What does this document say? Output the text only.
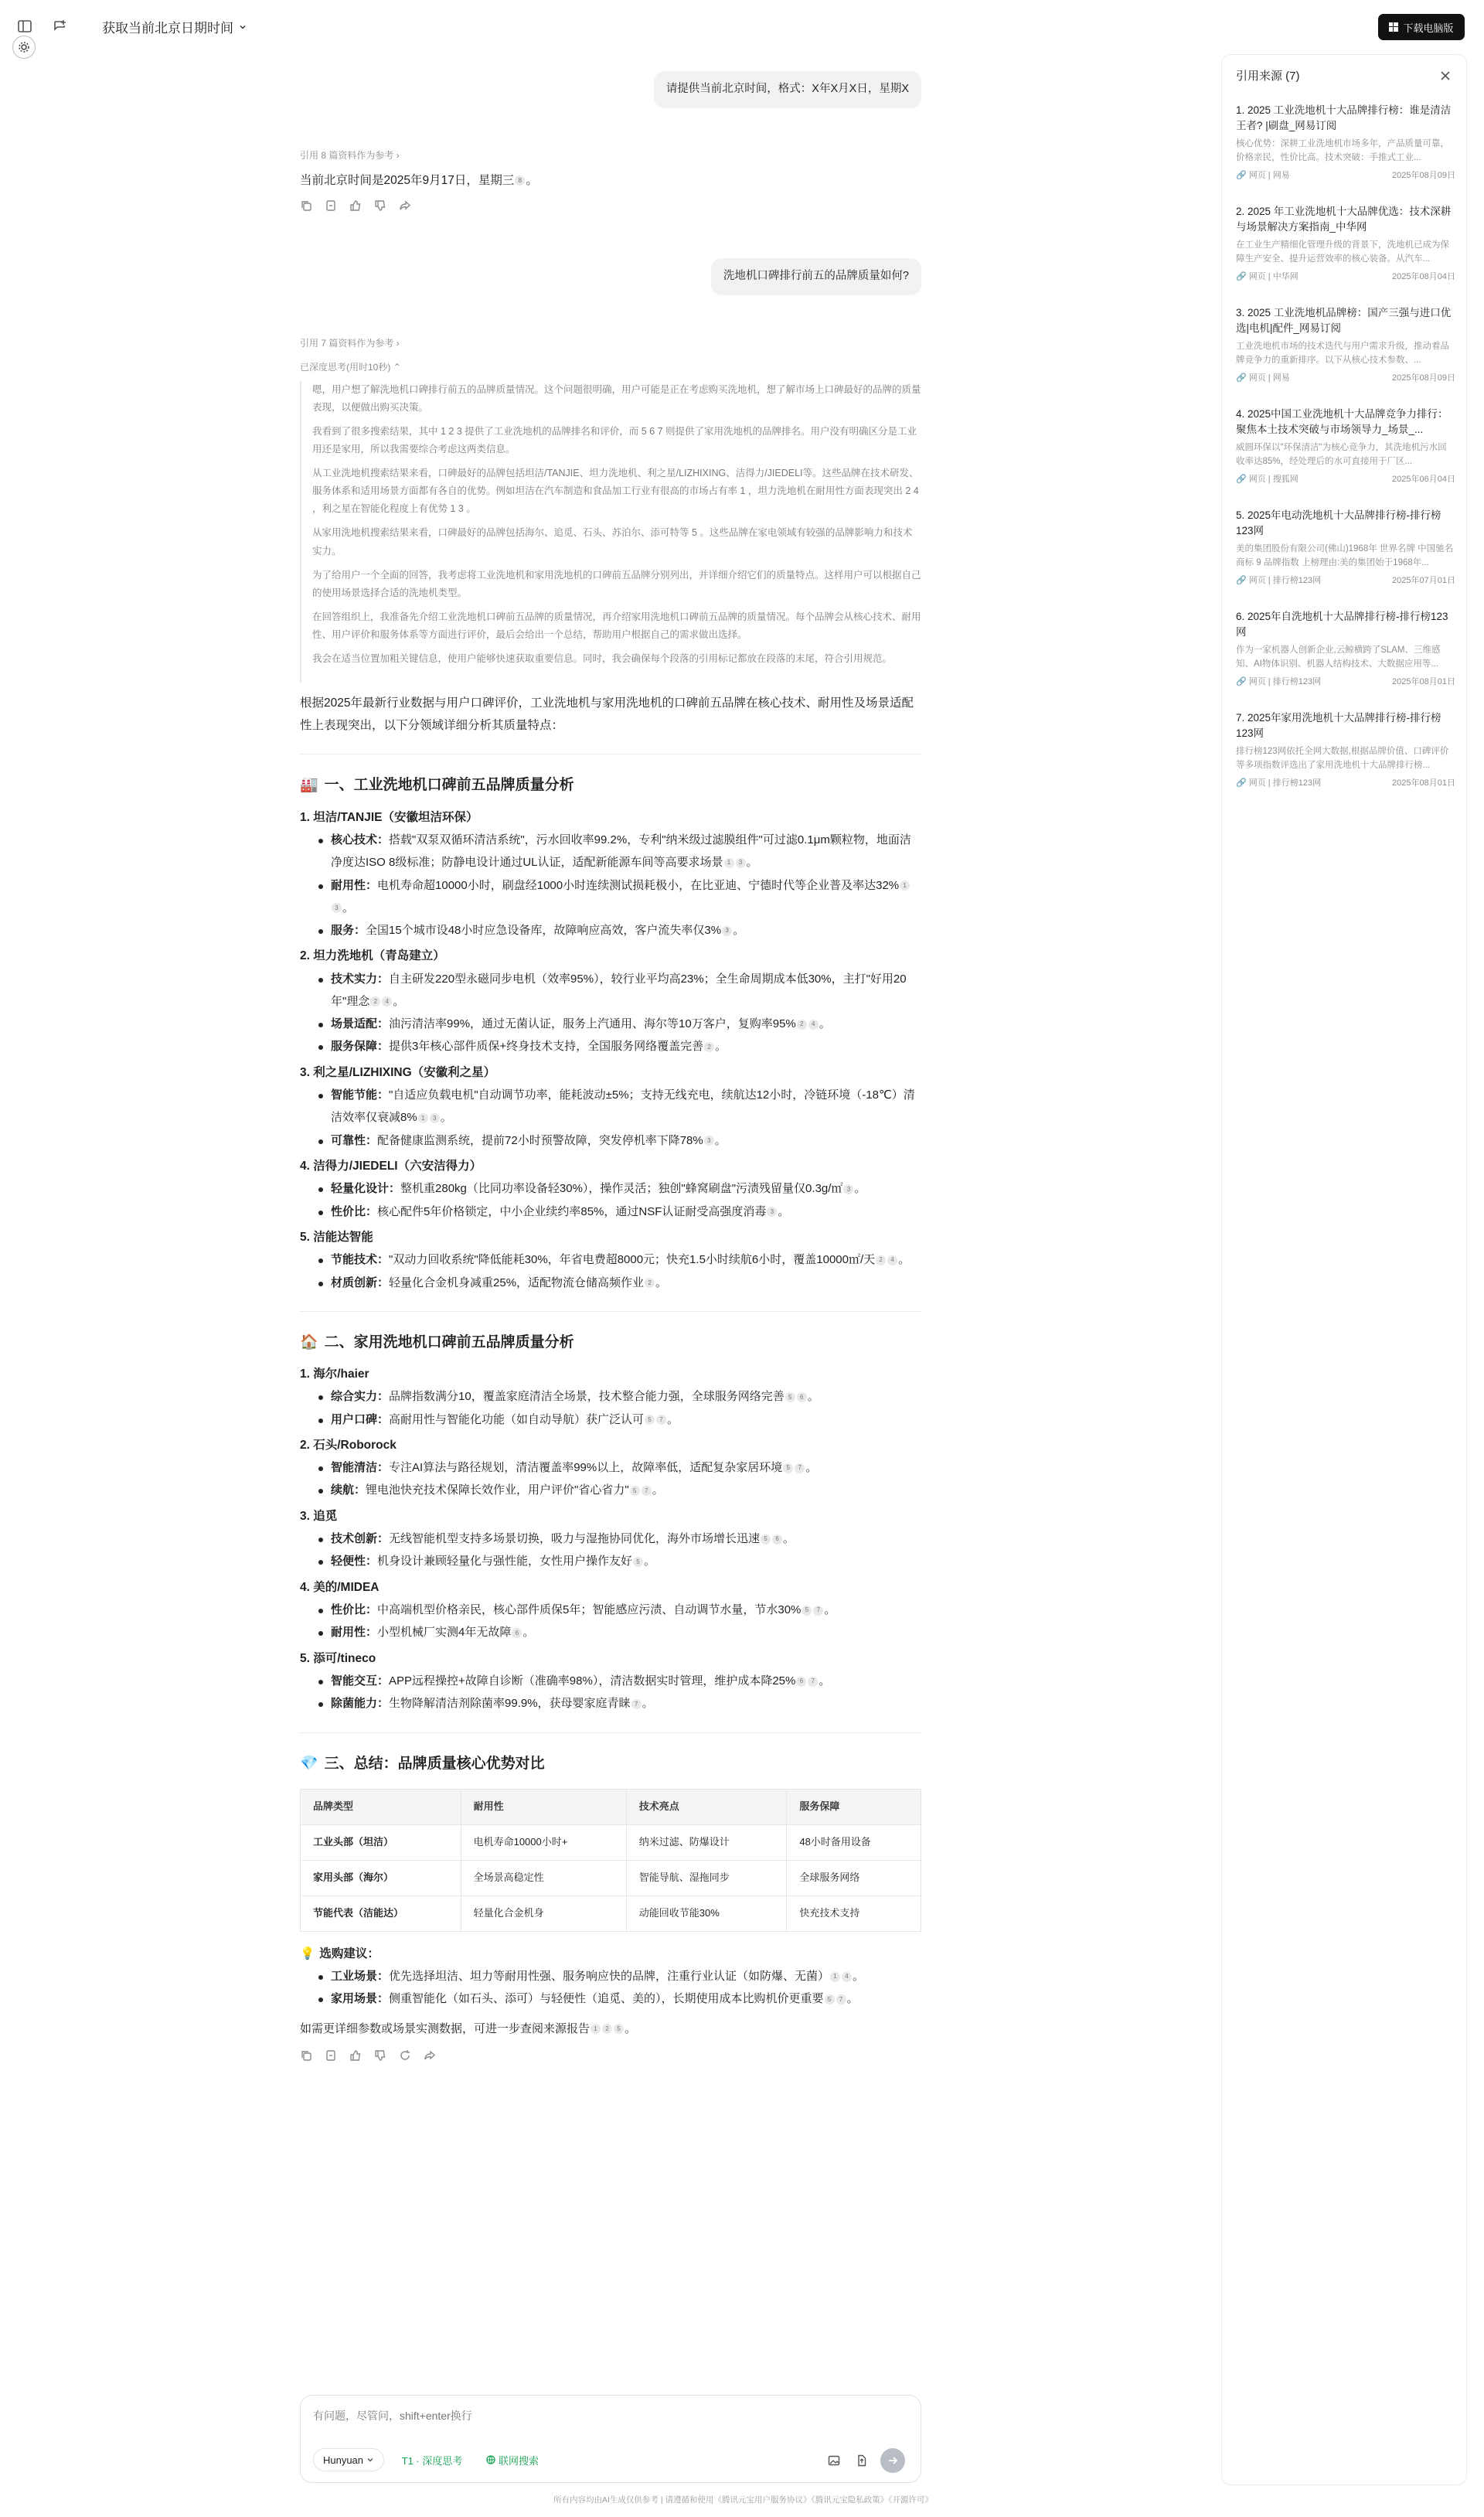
获取当前北京日期时间	下载电脑版
请提供当前北京时间，格式：X年X月X日，星期X
引用 8 篇资料作为参考 ›
当前北京时间是2025年9月17日，星期三 8 。
洗地机口碑排行前五的品牌质量如何?
引用 7 篇资料作为参考 ›
已深度思考(用时10秒) ⌃

嗯，用户想了解洗地机口碑排行前五的品牌质量情况。这个问题很明确，用户可能是正在考虑购买洗地机，想了解市场上口碑最好的品牌的质量表现，以便做出购买决策。

我看到了很多搜索结果，其中 1 2 3 提供了工业洗地机的品牌排名和评价，而 5 6 7 则提供了家用洗地机的品牌排名。用户没有明确区分是工业用还是家用，所以我需要综合考虑这两类信息。

从工业洗地机搜索结果来看，口碑最好的品牌包括坦洁/TANJIE、坦力洗地机、利之星/LIZHIXING、洁得力/JIEDELI等。这些品牌在技术研发、服务体系和适用场景方面都有各自的优势。例如坦洁在汽车制造和食品加工行业有很高的市场占有率 1 ，坦力洗地机在耐用性方面表现突出 2 4 ，利之星在智能化程度上有优势 1 3 。

从家用洗地机搜索结果来看，口碑最好的品牌包括海尔、追觅、石头、苏泊尔、添可特等 5 。这些品牌在家电领域有较强的品牌影响力和技术实力。

为了给用户一个全面的回答，我考虑将工业洗地机和家用洗地机的口碑前五品牌分别列出，并详细介绍它们的质量特点。这样用户可以根据自己的使用场景选择合适的洗地机类型。

在回答组织上，我准备先介绍工业洗地机口碑前五品牌的质量情况，再介绍家用洗地机口碑前五品牌的质量情况。每个品牌会从核心技术、耐用性、用户评价和服务体系等方面进行评价，最后会给出一个总结，帮助用户根据自己的需求做出选择。

我会在适当位置加粗关键信息，使用户能够快速获取重要信息。同时，我会确保每个段落的引用标记都放在段落的末尾，符合引用规范。

根据2025年最新行业数据与用户口碑评价，工业洗地机与家用洗地机的口碑前五品牌在核心技术、耐用性及场景适配性上表现突出，以下分领域详细分析其质量特点：
🏭 一、工业洗地机口碑前五品牌质量分析
1. 坦洁/TANJIE（安徽坦洁环保）
核心技术：搭载"双泵双循环清洁系统"，污水回收率99.2%，专利"纳米级过滤膜组件"可过滤0.1μm颗粒物，地面洁净度达ISO 8级标准；防静电设计通过UL认证，适配新能源车间等高要求场景 1 3 。
耐用性：电机寿命超10000小时，刷盘经1000小时连续测试损耗极小，在比亚迪、宁德时代等企业普及率达32% 13 。
服务：全国15个城市设48小时应急设备库，故障响应高效，客户流失率仅3% 3 。
2. 坦力洗地机（青岛建立）
技术实力：自主研发220型永磁同步电机（效率95%），较行业平均高23%；全生命周期成本低30%，主打"好用20年"理念 2 4 。
场景适配：油污清洁率99%，通过无菌认证，服务上汽通用、海尔等10万客户，复购率95% 2 4 。
服务保障：提供3年核心部件质保+终身技术支持，全国服务网络覆盖完善 2 。
3. 利之星/LIZHIXING（安徽利之星）
智能节能："自适应负载电机"自动调节功率，能耗波动±5%；支持无线充电，续航达12小时，冷链环境（-18℃）清洁效率仅衰减8% 1 3 。
可靠性：配备健康监测系统，提前72小时预警故障，突发停机率下降78% 3 。
4. 洁得力/JIEDELI（六安洁得力）
轻量化设计：整机重280kg（比同功率设备轻30%），操作灵活；独创"蜂窝刷盘"污渍残留量仅0.3g/㎡ 3 。
性价比：核心配件5年价格锁定，中小企业续约率85%，通过NSF认证耐受高强度消毒 3 。
5. 洁能达智能
节能技术："双动力回收系统"降低能耗30%，年省电费超8000元；快充1.5小时续航6小时，覆盖10000㎡/天 2 4 。
材质创新：轻量化合金机身减重25%，适配物流仓储高频作业 2 。
🏠 二、家用洗地机口碑前五品牌质量分析
1. 海尔/haier
综合实力：品牌指数满分10，覆盖家庭清洁全场景，技术整合能力强，全球服务网络完善 5 6 。
用户口碑：高耐用性与智能化功能（如自动导航）获广泛认可 5 7 。
2. 石头/Roborock
智能清洁：专注AI算法与路径规划，清洁覆盖率99%以上，故障率低，适配复杂家居环境 5 7 。
续航：锂电池快充技术保障长效作业，用户评价"省心省力" 5 7 。
3. 追觅
技术创新：无线智能机型支持多场景切换，吸力与湿拖协同优化，海外市场增长迅速 5 6 。
轻便性：机身设计兼顾轻量化与强性能，女性用户操作友好 5 。
4. 美的/MIDEA
性价比：中高端机型价格亲民，核心部件质保5年；智能感应污渍、自动调节水量，节水30% 5 7 。
耐用性：小型机械厂实测4年无故障 6 。
5. 添可/tineco
智能交互：APP远程操控+故障自诊断（准确率98%），清洁数据实时管理，维护成本降25% 6 7 。
除菌能力：生物降解清洁剂除菌率99.9%，获母婴家庭青睐 7 。
💎 三、总结：品牌质量核心优势对比
品牌类型	耐用性	技术亮点	服务保障
工业头部（坦洁）	电机寿命10000小时+	纳米过滤、防爆设计	48小时备用设备
家用头部（海尔）	全场景高稳定性	智能导航、湿拖同步	全球服务网络
节能代表（洁能达）	轻量化合金机身	动能回收节能30%	快充技术支持
💡 选购建议：
工业场景：优先选择坦洁、坦力等耐用性强、服务响应快的品牌，注重行业认证（如防爆、无菌） 1 4 。
家用场景：侧重智能化（如石头、添可）与轻便性（追觅、美的），长期使用成本比购机价更重要 5 7 。
如需更详细参数或场景实测数据，可进一步查阅来源报告 1 2 5 。
引用来源 (7)
1. 2025 工业洗地机十大品牌排行榜：谁是清洁王者? |刷盘_网易订阅
核心优势：深耕工业洗地机市场多年，产品质量可靠，价格亲民，性价比高。技术突破：手推式工业...
🔗 网页 | 网易	2025年08月09日
2. 2025 年工业洗地机十大品牌优选：技术深耕与场景解决方案指南_中华网
在工业生产精细化管理升级的背景下，洗地机已成为保障生产安全、提升运营效率的核心装备。从汽车...
🔗 网页 | 中华网	2025年08月04日
3. 2025 工业洗地机品牌榜：国产三强与进口优选|电机|配件_网易订阅
工业洗地机市场的技术迭代与用户需求升级，推动着品牌竞争力的重新排序。以下从核心技术参数、...
🔗 网页 | 网易	2025年08月09日
4. 2025中国工业洗地机十大品牌竞争力排行：聚焦本土技术突破与市场领导力_场景_...
威圆环保以"环保清洁"为核心竞争力，其洗地机污水回收率达85%，经处理后的水可直接用于厂区...
🔗 网页 | 搜狐网	2025年06月04日
5. 2025年电动洗地机十大品牌排行榜-排行榜123网
美的集团股份有限公司(佛山)1968年 世界名牌 中国驰名商标 9 品牌指数 上榜理由:美的集团始于1968年...
🔗 网页 | 排行榜123网	2025年07月01日
6. 2025年自洗地机十大品牌排行榜-排行榜123网
作为一家机器人创新企业,云鲸横跨了SLAM、三维感知、AI物体识别、机器人结构技术、大数据应用等...
🔗 网页 | 排行榜123网	2025年08月01日
7. 2025年家用洗地机十大品牌排行榜-排行榜123网
排行榜123网依托全网大数据,根据品牌价值、口碑评价等多项指数评选出了家用洗地机十大品牌排行榜...
🔗 网页 | 排行榜123网	2025年08月01日
有问题，尽管问，shift+enter换行
Hunyuan	T1 · 深度思考	联网搜索
所有内容均由AI生成仅供参考 | 请遵循和使用《腾讯元宝用户服务协议》《腾讯元宝隐私政策》《开源许可》
